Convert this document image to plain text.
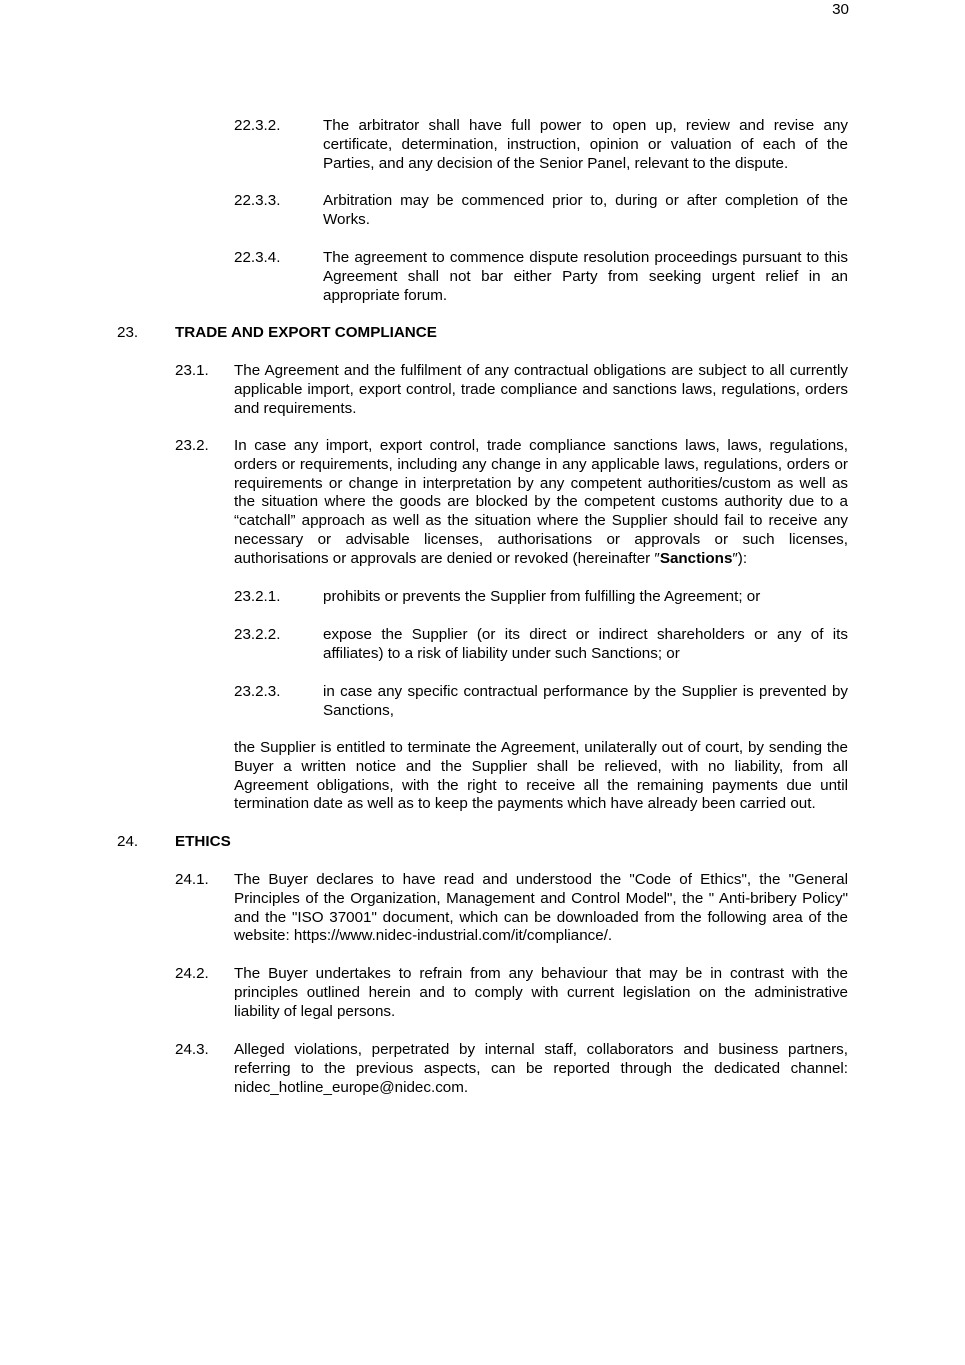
30
22.3.2.	The arbitrator shall have full power to open up, review and revise any certificate, determination, instruction, opinion or valuation of each of the Parties, and any decision of the Senior Panel, relevant to the dispute.
22.3.3.	Arbitration may be commenced prior to, during or after completion of the Works.
22.3.4.	The agreement to commence dispute resolution proceedings pursuant to this Agreement shall not bar either Party from seeking urgent relief in an appropriate forum.
23. TRADE AND EXPORT COMPLIANCE
23.1. The Agreement and the fulfilment of any contractual obligations are subject to all currently applicable import, export control, trade compliance and sanctions laws, regulations, orders and requirements.
23.2. In case any import, export control, trade compliance sanctions laws, laws, regulations, orders or requirements, including any change in any applicable laws, regulations, orders or requirements or change in interpretation by any competent authorities/custom as well as the situation where the goods are blocked by the competent customs authority due to a “catchall” approach as well as the situation where the Supplier should fail to receive any necessary or advisable licenses, authorisations or approvals or such licenses, authorisations or approvals are denied or revoked (hereinafter ″Sanctions″):
23.2.1.	prohibits or prevents the Supplier from fulfilling the Agreement; or
23.2.2.	expose the Supplier (or its direct or indirect shareholders or any of its affiliates) to a risk of liability under such Sanctions; or
23.2.3.	in case any specific contractual performance by the Supplier is prevented by Sanctions,
the Supplier is entitled to terminate the Agreement, unilaterally out of court, by sending the Buyer a written notice and the Supplier shall be relieved, with no liability, from all Agreement obligations, with the right to receive all the remaining payments due until termination date as well as to keep the payments which have already been carried out.
24. ETHICS
24.1. The Buyer declares to have read and understood the "Code of Ethics", the "General Principles of the Organization, Management and Control Model", the " Anti-bribery Policy" and the "ISO 37001" document, which can be downloaded from the following area of the website: https://www.nidec-industrial.com/it/compliance/.
24.2. The Buyer undertakes to refrain from any behaviour that may be in contrast with the principles outlined herein and to comply with current legislation on the administrative liability of legal persons.
24.3. Alleged violations, perpetrated by internal staff, collaborators and business partners, referring to the previous aspects, can be reported through the dedicated channel: nidec_hotline_europe@nidec.com.
